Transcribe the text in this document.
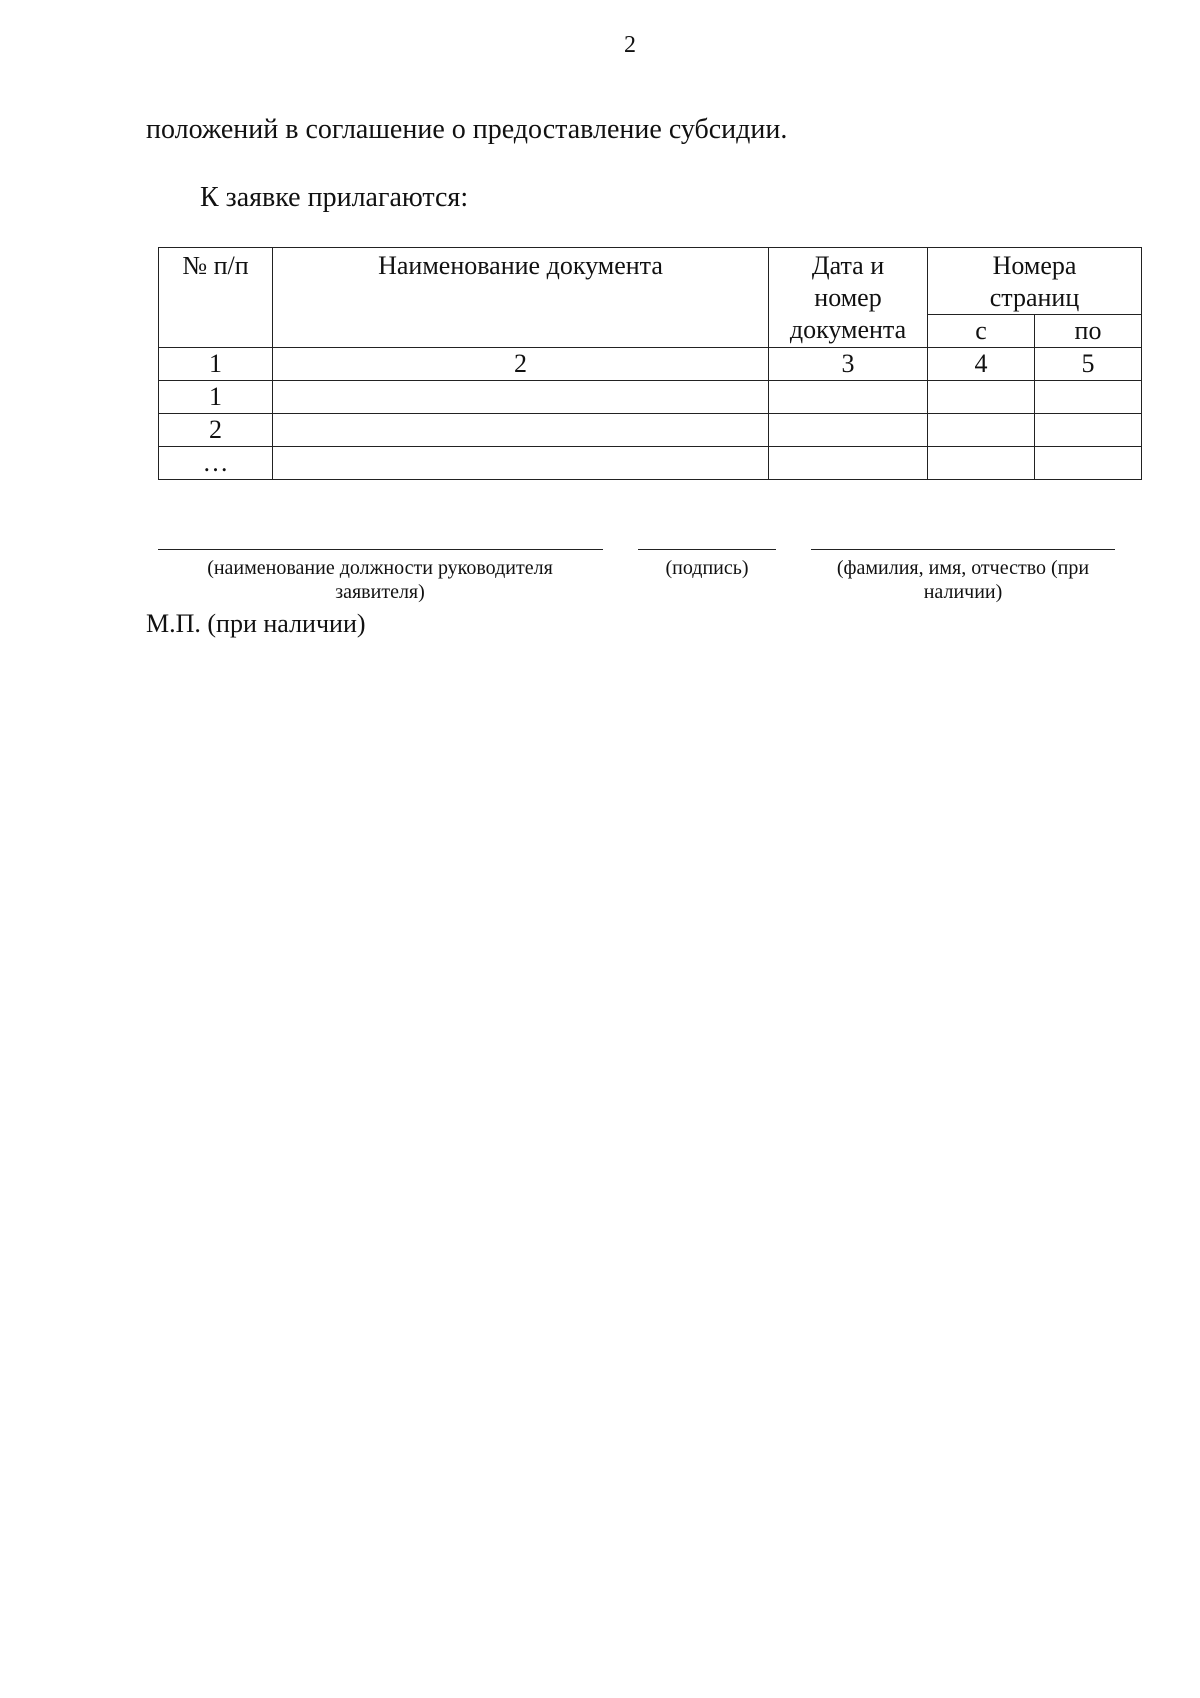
2
положений в соглашение о предоставление субсидии.
К заявке прилагаются:
№ п/п	Наименование документа	Дата и номер документа	Номера страниц	
			с	по
1	2	3	4	5
1				
2				
…				
(наименование должности руководителя заявителя)
(подпись)	(фамилия, имя, отчество (при наличии)
М.П. (при наличии)
